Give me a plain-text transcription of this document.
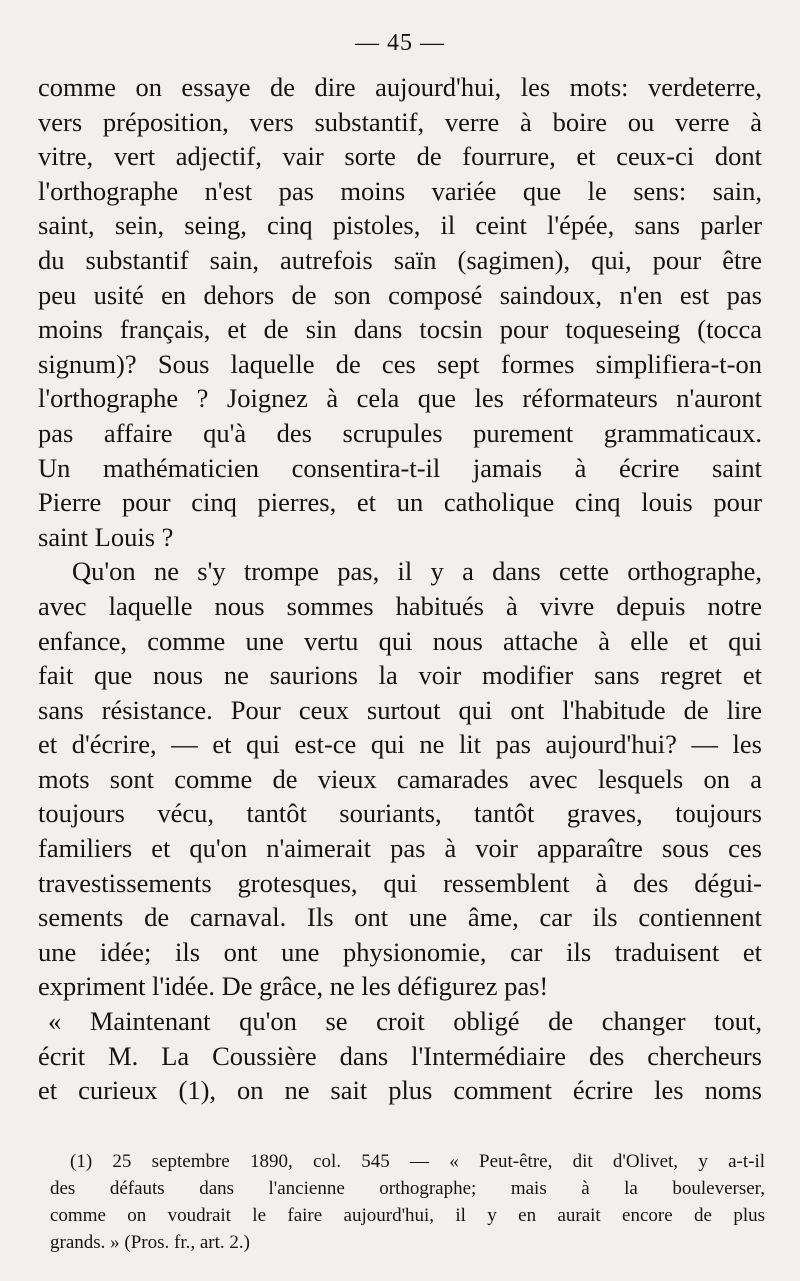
— 45 —
comme on essaye de dire aujourd'hui, les mots: verdeterre,
vers préposition, vers substantif, verre à boire ou verre à
vitre, vert adjectif, vair sorte de fourrure, et ceux-ci dont
l'orthographe n'est pas moins variée que le sens: sain,
saint, sein, seing, cinq pistoles, il ceint l'épée, sans parler
du substantif sain, autrefois saïn (sagimen), qui, pour être
peu usité en dehors de son composé saindoux, n'en est pas
moins français, et de sin dans tocsin pour toqueseing (tocca
signum)? Sous laquelle de ces sept formes simplifiera-t-on
l'orthographe ? Joignez à cela que les réformateurs n'auront
pas affaire qu'à des scrupules purement grammaticaux.
Un mathématicien consentira-t-il jamais à écrire saint
Pierre pour cinq pierres, et un catholique cinq louis pour
saint Louis ?
Qu'on ne s'y trompe pas, il y a dans cette orthographe,
avec laquelle nous sommes habitués à vivre depuis notre
enfance, comme une vertu qui nous attache à elle et qui
fait que nous ne saurions la voir modifier sans regret et
sans résistance. Pour ceux surtout qui ont l'habitude de lire
et d'écrire, — et qui est-ce qui ne lit pas aujourd'hui? — les
mots sont comme de vieux camarades avec lesquels on a
toujours vécu, tantôt souriants, tantôt graves, toujours
familiers et qu'on n'aimerait pas à voir apparaître sous ces
travestissements grotesques, qui ressemblent à des dégui-
sements de carnaval. Ils ont une âme, car ils contiennent
une idée; ils ont une physionomie, car ils traduisent et
expriment l'idée. De grâce, ne les défigurez pas!
« Maintenant qu'on se croit obligé de changer tout,
écrit M. La Coussière dans l'Intermédiaire des chercheurs
et curieux (1), on ne sait plus comment écrire les noms
(1) 25 septembre 1890, col. 545 — « Peut-être, dit d'Olivet, y a-t-il
des défauts dans l'ancienne orthographe; mais à la bouleverser,
comme on voudrait le faire aujourd'hui, il y en aurait encore de plus
grands. » (Pros. fr., art. 2.)
